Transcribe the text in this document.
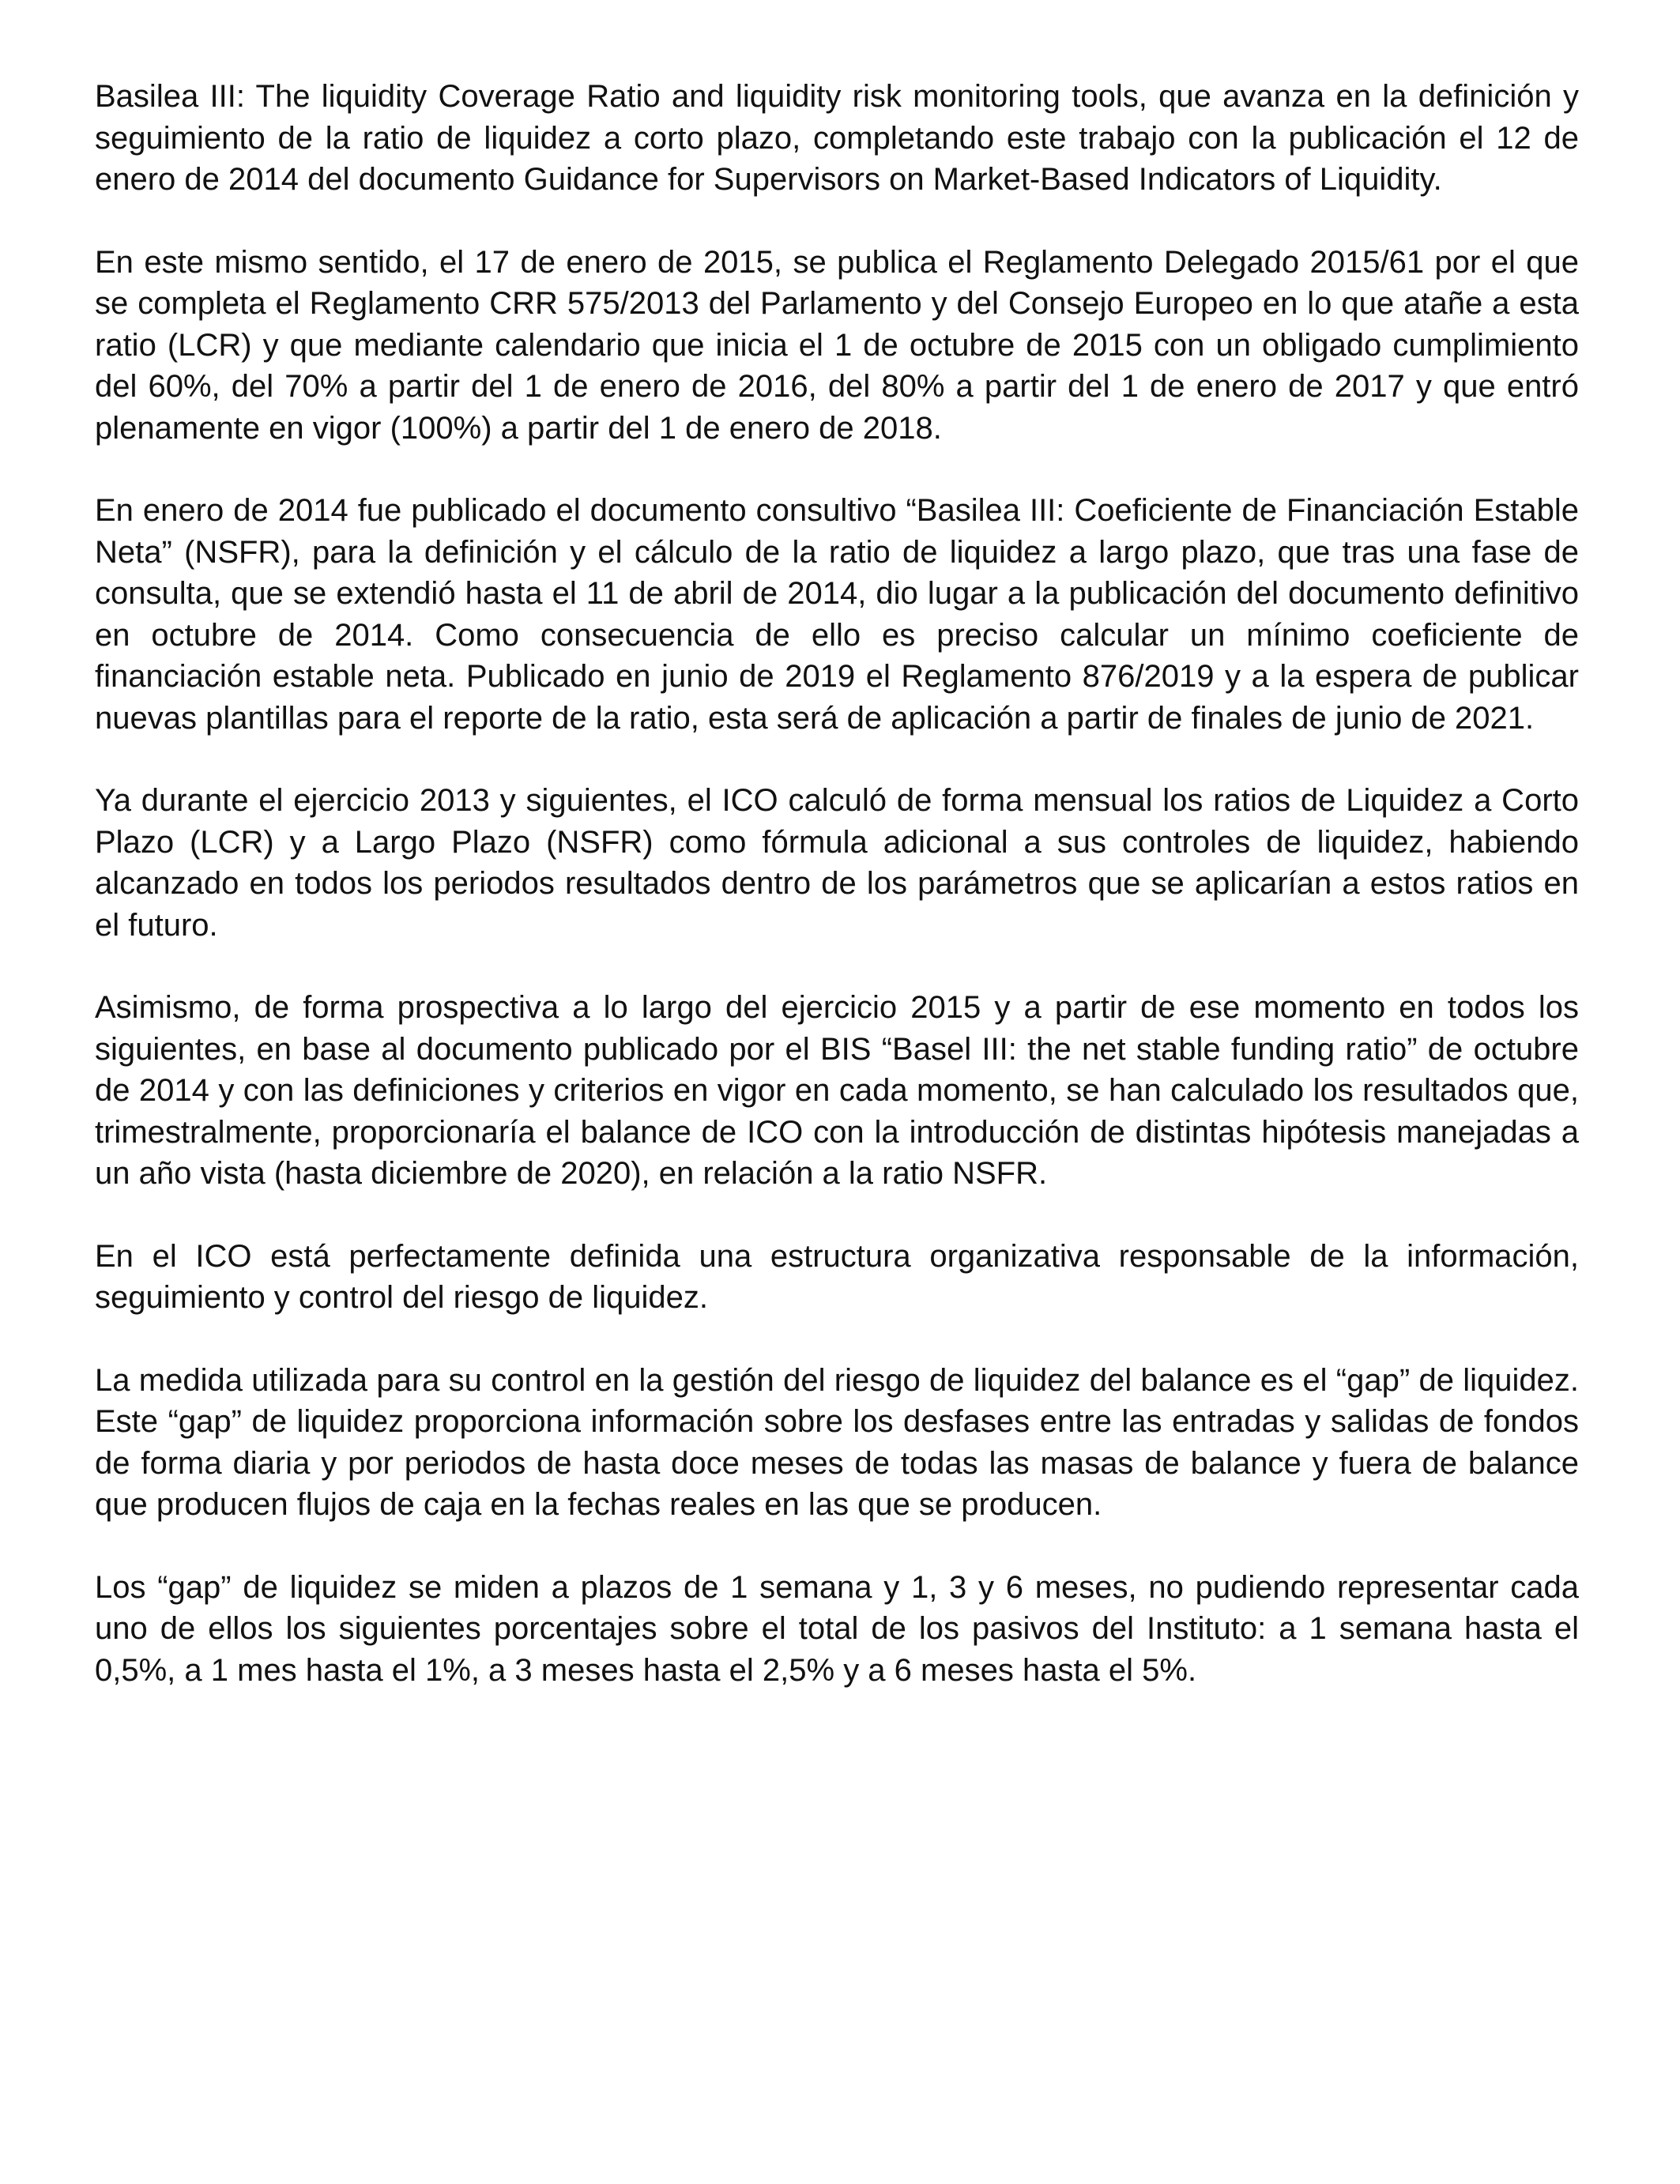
Basilea III: The liquidity Coverage Ratio and liquidity risk monitoring tools, que avanza en la definición y seguimiento de la ratio de liquidez a corto plazo, completando este trabajo con la publicación el 12 de enero de 2014 del documento Guidance for Supervisors on Market-Based Indicators of Liquidity.

En este mismo sentido, el 17 de enero de 2015, se publica el Reglamento Delegado 2015/61 por el que se completa el Reglamento CRR 575/2013 del Parlamento y del Consejo Europeo en lo que atañe a esta ratio (LCR) y que mediante calendario que inicia el 1 de octubre de 2015 con un obligado cumplimiento del 60%, del 70% a partir del 1 de enero de 2016, del 80% a partir del 1 de enero de 2017 y que entró plenamente en vigor (100%) a partir del 1 de enero de 2018.

En enero de 2014 fue publicado el documento consultivo “Basilea III: Coeficiente de Financiación Estable Neta” (NSFR), para la definición y el cálculo de la ratio de liquidez a largo plazo, que tras una fase de consulta, que se extendió hasta el 11 de abril de 2014, dio lugar a la publicación del documento definitivo en octubre de 2014. Como consecuencia de ello es preciso calcular un mínimo coeficiente de financiación estable neta. Publicado en junio de 2019 el Reglamento 876/2019 y a la espera de publicar nuevas plantillas para el reporte de la ratio, esta será de aplicación a partir de finales de junio de 2021.

Ya durante el ejercicio 2013 y siguientes, el ICO calculó de forma mensual los ratios de Liquidez a Corto Plazo (LCR) y a Largo Plazo (NSFR) como fórmula adicional a sus controles de liquidez, habiendo alcanzado en todos los periodos resultados dentro de los parámetros que se aplicarían a estos ratios en el futuro.

Asimismo, de forma prospectiva a lo largo del ejercicio 2015 y a partir de ese momento en todos los siguientes, en base al documento publicado por el BIS “Basel III: the net stable funding ratio” de octubre de 2014 y con las definiciones y criterios en vigor en cada momento, se han calculado los resultados que, trimestralmente, proporcionaría el balance de ICO con la introducción de distintas hipótesis manejadas a un año vista (hasta diciembre de 2020), en relación a la ratio NSFR.

En el ICO está perfectamente definida una estructura organizativa responsable de la información, seguimiento y control del riesgo de liquidez.

La medida utilizada para su control en la gestión del riesgo de liquidez del balance es el “gap” de liquidez. Este “gap” de liquidez proporciona información sobre los desfases entre las entradas y salidas de fondos de forma diaria y por periodos de hasta doce meses de todas las masas de balance y fuera de balance que producen flujos de caja en la fechas reales en las que se producen.

Los “gap” de liquidez se miden a plazos de 1 semana y 1, 3 y 6 meses, no pudiendo representar cada uno de ellos los siguientes porcentajes sobre el total de los pasivos del Instituto: a 1 semana hasta el 0,5%, a 1 mes hasta el 1%, a 3 meses hasta el 2,5% y a 6 meses hasta el 5%.
